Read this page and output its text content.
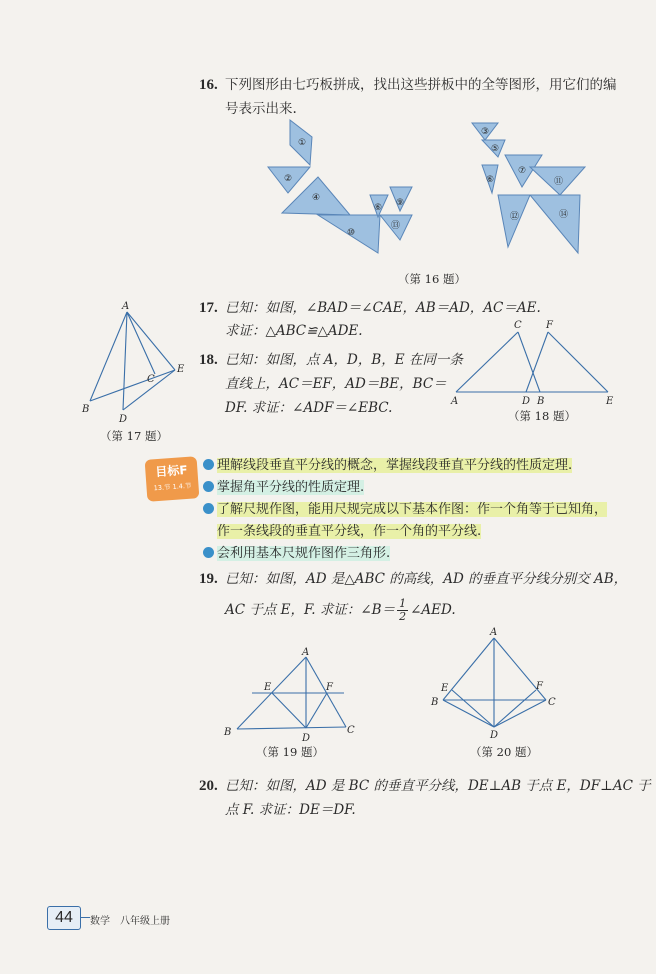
16. 下列图形由七巧板拼成，找出这些拼板中的全等图形，用它们的编
号表示出来.
①
②
④
⑩
⑥ ⑨
⑬
③
⑤
⑥
⑦
⑪
⑫	⑭
（第 16 题）
17. 已知：如图，∠BAD＝∠CAE，AB＝AD，AC＝AE.
求证：△ABC≌△ADE.
A
B
C
D
E
（第 17 题）
18. 已知：如图，点 A，D，B，E 在同一条
直线上，AC＝EF，AD＝BE，BC＝
DF. 求证：∠ADF＝∠EBC.
C F
A	D B	E
（第 18 题）
目标F
13.节 1.4.节
理解线段垂直平分线的概念，掌握线段垂直平分线的性质定理.
掌握角平分线的性质定理.
了解尺规作图，能用尺规完成以下基本作图：作一个角等于已知角，
作一条线段的垂直平分线，作一个角的平分线.
会利用基本尺规作图作三角形.
19. 已知：如图，AD 是△ABC 的高线，AD 的垂直平分线分别交 AB，
AC 于点 E，F. 求证：∠B＝ $\frac{1}{2}$ ∠AED.
A
E	F
B
D
C
（第 19 题）
A
E	F
B	C
D
（第 20 题）
20. 已知：如图，AD 是 BC 的垂直平分线，DE⊥AB 于点 E，DF⊥AC 于
点 F. 求证：DE＝DF.
44	数学　八年级上册
